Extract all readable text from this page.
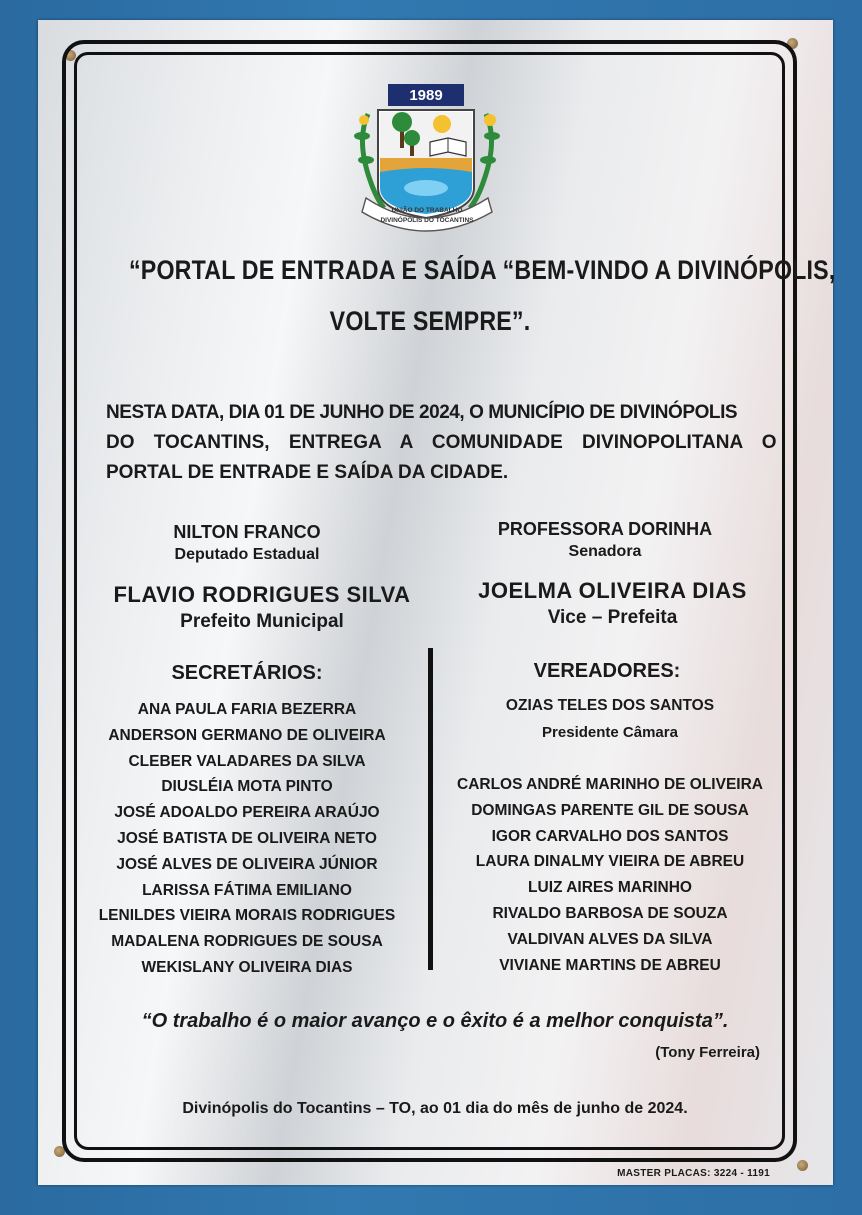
1989
UNIÃO DO TRABALHO
DIVINÓPOLIS DO TOCANTINS
“PORTAL DE ENTRADA E SAÍDA “BEM-VINDO A DIVINÓPOLIS,
VOLTE SEMPRE”.
NESTA DATA, DIA 01 DE JUNHO DE 2024, O MUNICÍPIO DE DIVINÓPOLIS
DO TOCANTINS, ENTREGA A COMUNIDADE DIVINOPOLITANA O
PORTAL DE ENTRADE E SAÍDA DA CIDADE.
NILTON FRANCO
Deputado Estadual
PROFESSORA DORINHA
Senadora
FLAVIO RODRIGUES SILVA
Prefeito Municipal
JOELMA OLIVEIRA DIAS
Vice – Prefeita
SECRETÁRIOS:	VEREADORES:
ANA PAULA FARIA BEZERRA
ANDERSON GERMANO DE OLIVEIRA
CLEBER VALADARES DA SILVA
DIUSLÉIA MOTA PINTO
JOSÉ ADOALDO PEREIRA ARAÚJO
JOSÉ BATISTA DE OLIVEIRA NETO
JOSÉ ALVES DE OLIVEIRA JÚNIOR
LARISSA FÁTIMA EMILIANO
LENILDES VIEIRA MORAIS RODRIGUES
MADALENA RODRIGUES DE SOUSA
WEKISLANY OLIVEIRA DIAS
OZIAS TELES DOS SANTOS
Presidente Câmara
CARLOS ANDRÉ MARINHO DE OLIVEIRA
DOMINGAS PARENTE GIL DE SOUSA
IGOR CARVALHO DOS SANTOS
LAURA DINALMY VIEIRA DE ABREU
LUIZ AIRES MARINHO
RIVALDO BARBOSA DE SOUZA
VALDIVAN ALVES DA SILVA
VIVIANE MARTINS DE ABREU
“O trabalho é o maior avanço e o êxito é a melhor conquista”.
(Tony Ferreira)
Divinópolis do Tocantins – TO, ao 01 dia do mês de junho de 2024.
MASTER PLACAS: 3224 - 1191
